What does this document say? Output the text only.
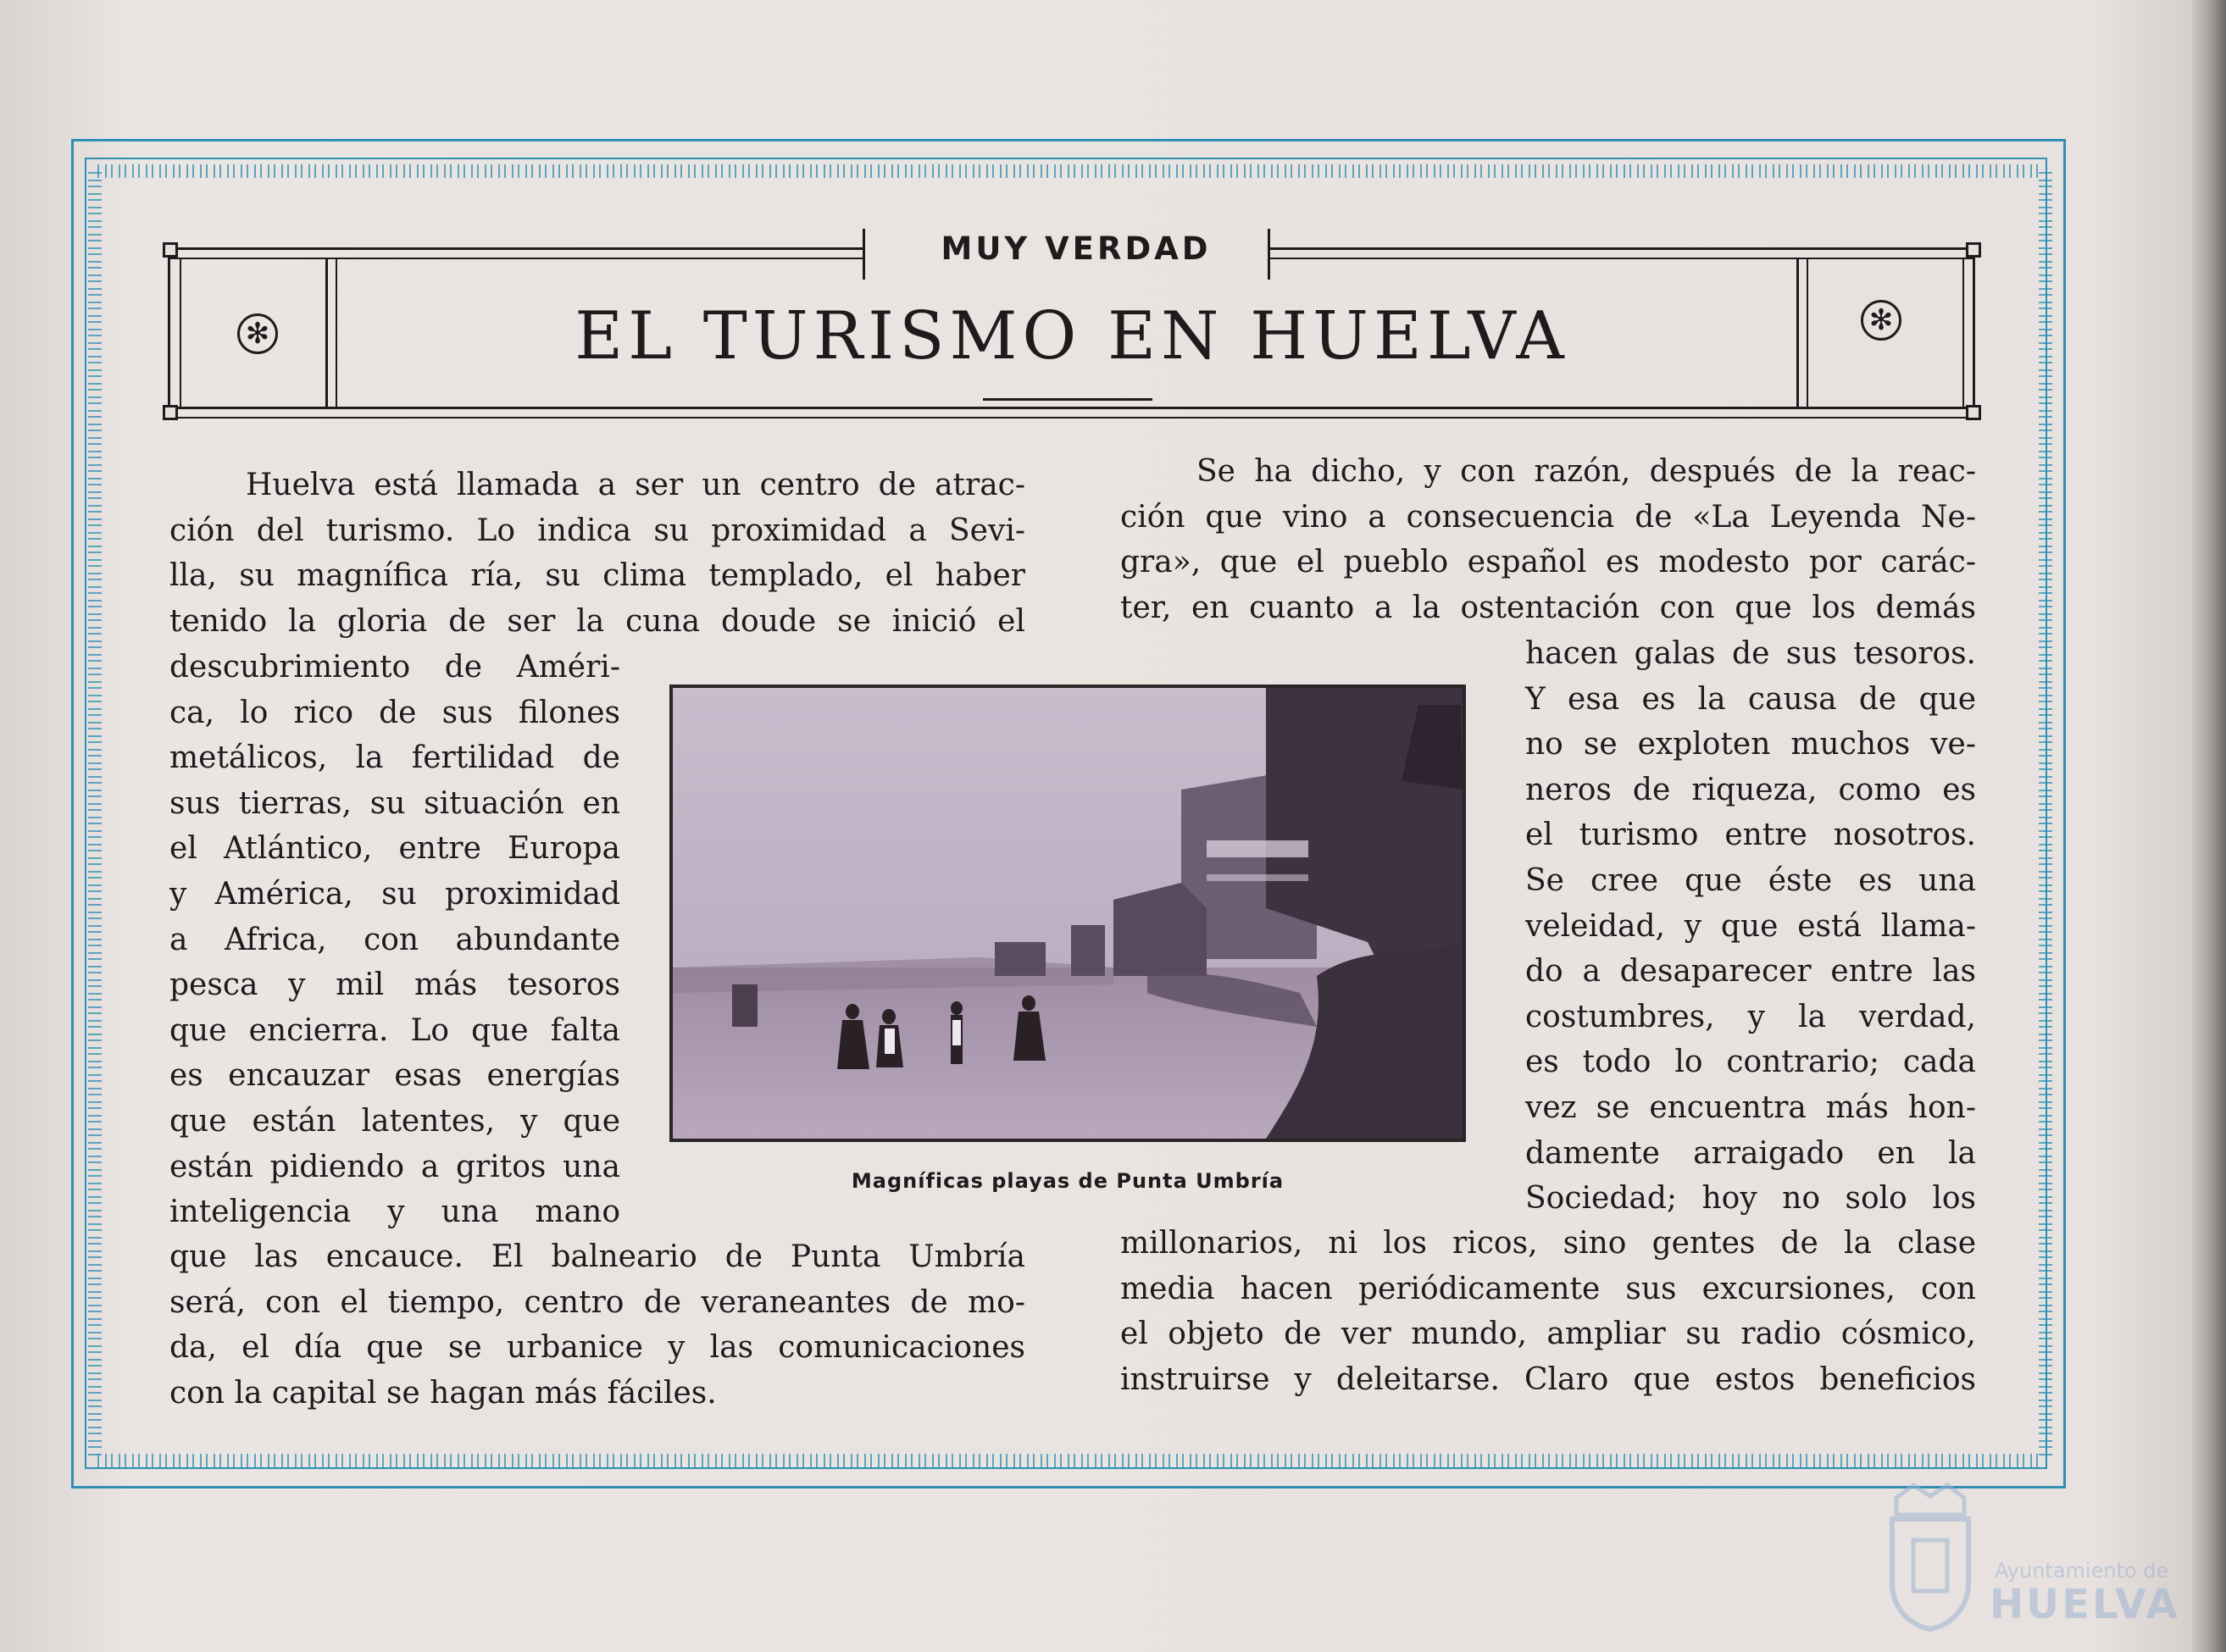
✻	✻
MUY VERDAD
EL TURISMO EN HUELVA
Huelva está llamada a ser un centro de atrac-
ción del turismo. Lo indica su proximidad a Sevi-
lla, su magnífica ría, su clima templado, el haber
tenido la gloria de ser la cuna doude se inició el
descubrimiento de Améri-
ca, lo rico de sus filones
metálicos, la fertilidad de
sus tierras, su situación en
el Atlántico, entre Europa
y América, su proximidad
a Africa, con abundante
pesca y mil más tesoros
que encierra. Lo que falta
es encauzar esas energías
que están latentes, y que
están pidiendo a gritos una
inteligencia y una mano
que las encauce. El balneario de Punta Umbría
será, con el tiempo, centro de veraneantes de mo-
da, el día que se urbanice y las comunicaciones
con la capital se hagan más fáciles.
Se ha dicho, y con razón, después de la reac-
ción que vino a consecuencia de «La Leyenda Ne-
gra», que el pueblo español es modesto por carác-
ter, en cuanto a la ostentación con que los demás
hacen galas de sus tesoros.
Y esa es la causa de que
no se exploten muchos ve-
neros de riqueza, como es
el turismo entre nosotros.
Se cree que éste es una
veleidad, y que está llama-
do a desaparecer entre las
costumbres, y la verdad,
es todo lo contrario; cada
vez se encuentra más hon-
damente arraigado en la
Sociedad; hoy no solo los
millonarios, ni los ricos, sino gentes de la clase
media hacen periódicamente sus excursiones, con
el objeto de ver mundo, ampliar su radio cósmico,
instruirse y deleitarse. Claro que estos beneficios
Magníficas playas de Punta Umbría
Ayuntamiento de
HUELVA
